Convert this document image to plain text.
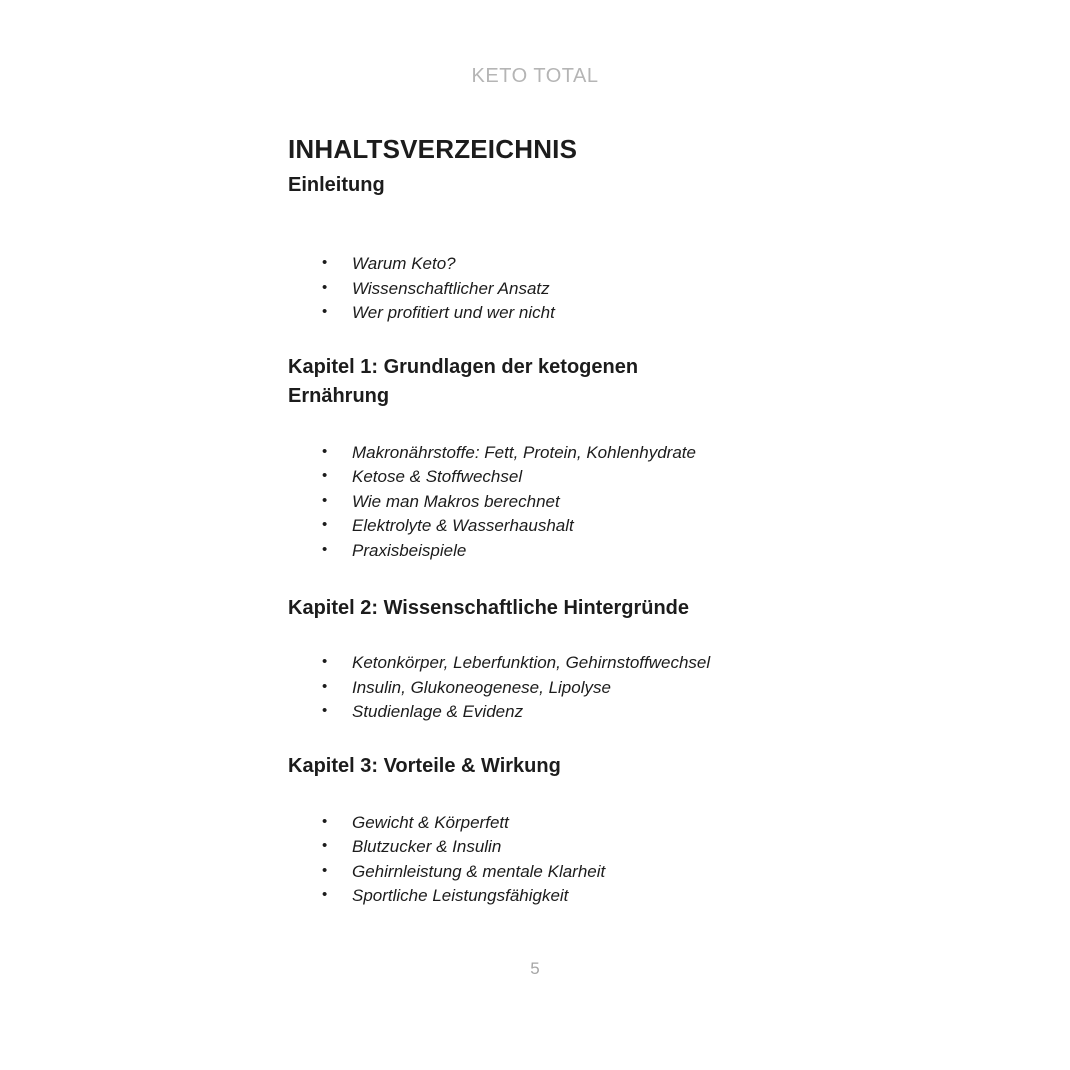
KETO TOTAL
INHALTSVERZEICHNIS
Einleitung
• Warum Keto?
• Wissenschaftlicher Ansatz
• Wer profitiert und wer nicht
Kapitel 1: Grundlagen der ketogenen
Ernährung
• Makronährstoffe: Fett, Protein, Kohlenhydrate
• Ketose & Stoffwechsel
• Wie man Makros berechnet
• Elektrolyte & Wasserhaushalt
• Praxisbeispiele
Kapitel 2: Wissenschaftliche Hintergründe
• Ketonkörper, Leberfunktion, Gehirnstoffwechsel
• Insulin, Glukoneogenese, Lipolyse
• Studienlage & Evidenz
Kapitel 3: Vorteile & Wirkung
• Gewicht & Körperfett
• Blutzucker & Insulin
• Gehirnleistung & mentale Klarheit
• Sportliche Leistungsfähigkeit
5
